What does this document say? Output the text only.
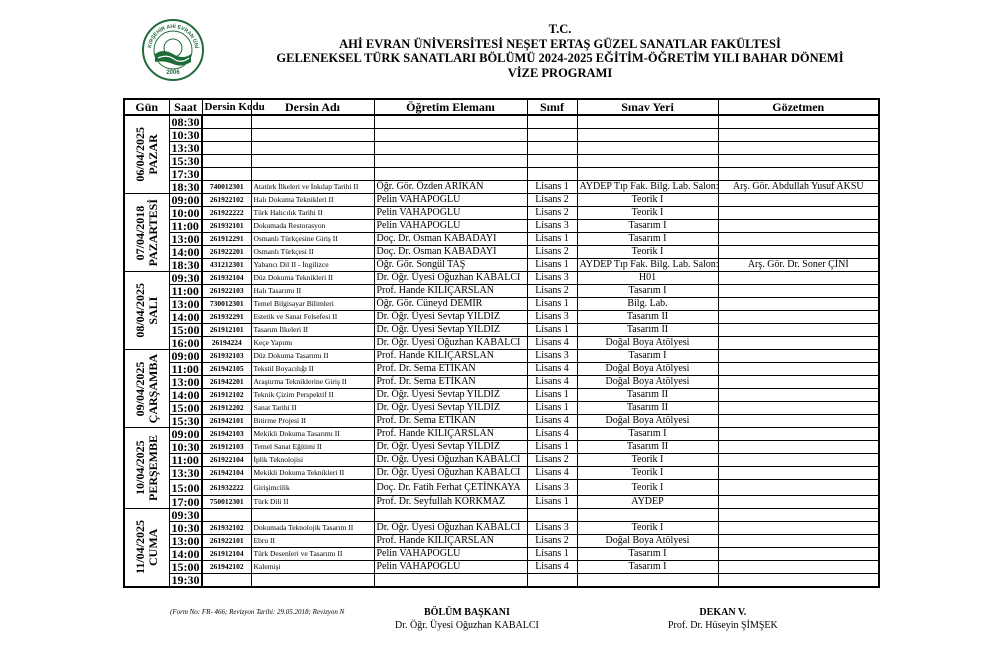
KIRŞEHİR AHİ EVRAN ÜNİ
2006
T.C.
AHİ EVRAN ÜNİVERSİTESİ NEŞET ERTAŞ GÜZEL SANATLAR FAKÜLTESİ
GELENEKSEL TÜRK SANATLARI BÖLÜMÜ 2024-2025 EĞİTİM-ÖĞRETİM YILI BAHAR DÖNEMİ
VİZE PROGRAMI
Gün	Saat	Dersin Kodu	Dersin Adı	Öğretim Elemanı	Sınıf	Sınav Yeri	Gözetmen

06/04/2025 PAZAR	08:30						
	10:30						
	13:30						
	15:30						
	17:30						
	18:30	740012301	Atatürk İlkeleri ve İnkılap Tarihi II	Öğr. Gör. Özden ARIKAN	Lisans 1	AYDEP Tıp Fak. Bilg. Lab. Salon:	Arş. Gör. Abdullah Yusuf AKSU

07/04/2018 PAZARTESİ	09:00	261922102	Halı Dokuma Teknikleri II	Pelin VAHAPOĞLU	Lisans 2	Teorik I	
	10:00	261922222	Türk Halıcılık Tarihi II	Pelin VAHAPOĞLU	Lisans 2	Teorik I	
	11:00	261932101	Dokumada Restorasyon	Pelin VAHAPOĞLU	Lisans 3	Tasarım I	
	13:00	261912291	Osmanlı Türkçesine Giriş II	Doç. Dr. Osman KABADAYI	Lisans 1	Tasarım I	
	14:00	261922201	Osmanlı Türkçesi II	Doç. Dr. Osman KABADAYI	Lisans 2	Teorik I	
	18:30	431212301	Yabancı Dil II - İngilizce	Öğr. Gör. Songül TAŞ	Lisans 1	AYDEP Tıp Fak. Bilg. Lab. Salon:	Arş. Gör. Dr. Soner ÇİNİ

08/04/2025 SALI	09:30	261932104	Düz Dokuma Teknikleri II	Dr. Öğr. Üyesi Oğuzhan KABALCI	Lisans 3	H01	
	11:00	261922103	Halı Tasarımı II	Prof. Hande KILIÇARSLAN	Lisans 2	Tasarım I	
	13:00	730012301	Temel Bilgisayar Bilimleri	Öğr. Gör. Cüneyd DEMİR	Lisans 1	Bilg. Lab.	
	14:00	261932291	Estetik ve Sanat Felsefesi II	Dr. Öğr. Üyesi Sevtap YILDIZ	Lisans 3	Tasarım II	
	15:00	261912101	Tasarım İlkeleri II	Dr. Öğr. Üyesi Sevtap YILDIZ	Lisans 1	Tasarım II	
	16:00	26194224	Keçe Yapımı	Dr. Öğr. Üyesi Oğuzhan KABALCI	Lisans 4	Doğal Boya Atölyesi	

09/04/2025 ÇARŞAMBA	09:00	261932103	Düz Dokuma Tasarımı II	Prof. Hande KILIÇARSLAN	Lisans 3	Tasarım I	
	11:00	261942105	Tekstil Boyacılığı II	Prof. Dr. Sema ETİKAN	Lisans 4	Doğal Boya Atölyesi	
	13:00	261942201	Araştırma Tekniklerine Giriş II	Prof. Dr. Sema ETİKAN	Lisans 4	Doğal Boya Atölyesi	
	14:00	261912102	Teknik Çizim Perspektif II	Dr. Öğr. Üyesi Sevtap YILDIZ	Lisans 1	Tasarım II	
	15:00	261912202	Sanat Tarihi II	Dr. Öğr. Üyesi Sevtap YILDIZ	Lisans 1	Tasarım II	
	15:30	261942101	Bitirme Projesi II	Prof. Dr. Sema ETİKAN	Lisans 4	Doğal Boya Atölyesi	

10/04/2025 PERŞEMBE	09:00	261942103	Mekikli Dokuma Tasarımı II	Prof. Hande KILIÇARSLAN	Lisans 4	Tasarım I	
	10:30	261912103	Temel Sanat Eğitimi II	Dr. Öğr. Üyesi Sevtap YILDIZ	Lisans 1	Tasarım II	
	11:00	261922104	İplik Teknolojisi	Dr. Öğr. Üyesi Oğuzhan KABALCI	Lisans 2	Teorik I	
	13:30	261942104	Mekikli Dokuma Teknikleri II	Dr. Öğr. Üyesi Oğuzhan KABALCI	Lisans 4	Teorik I	
	15:00	261932222	Girişimcilik	Doç. Dr. Fatih Ferhat ÇETİNKAYA	Lisans 3	Teorik I	
	17:00	750012301	Türk Dili II	Prof. Dr. Seyfullah KORKMAZ	Lisans 1	AYDEP	

11/04/2025 CUMA	09:30						
	10:30	261932102	Dokumada Teknolojik Tasarım II	Dr. Öğr. Üyesi Oğuzhan KABALCI	Lisans 3	Teorik I	
	13:00	261922101	Ebru II	Prof. Hande KILIÇARSLAN	Lisans 2	Doğal Boya Atölyesi	
	14:00	261912104	Türk Desenleri ve Tasarımı II	Pelin VAHAPOĞLU	Lisans 1	Tasarım I	
	15:00	261942102	Kalemişi	Pelin VAHAPOĞLU	Lisans 4	Tasarım I	
	19:30						
(Form No: FR- 466; Revizyon Tarihi: 29.05.2018; Revizyon N	BÖLÜM BAŞKANI
Dr. Öğr. Üyesi Oğuzhan KABALCI
DEKAN V.
Prof. Dr. Hüseyin ŞİMŞEK
